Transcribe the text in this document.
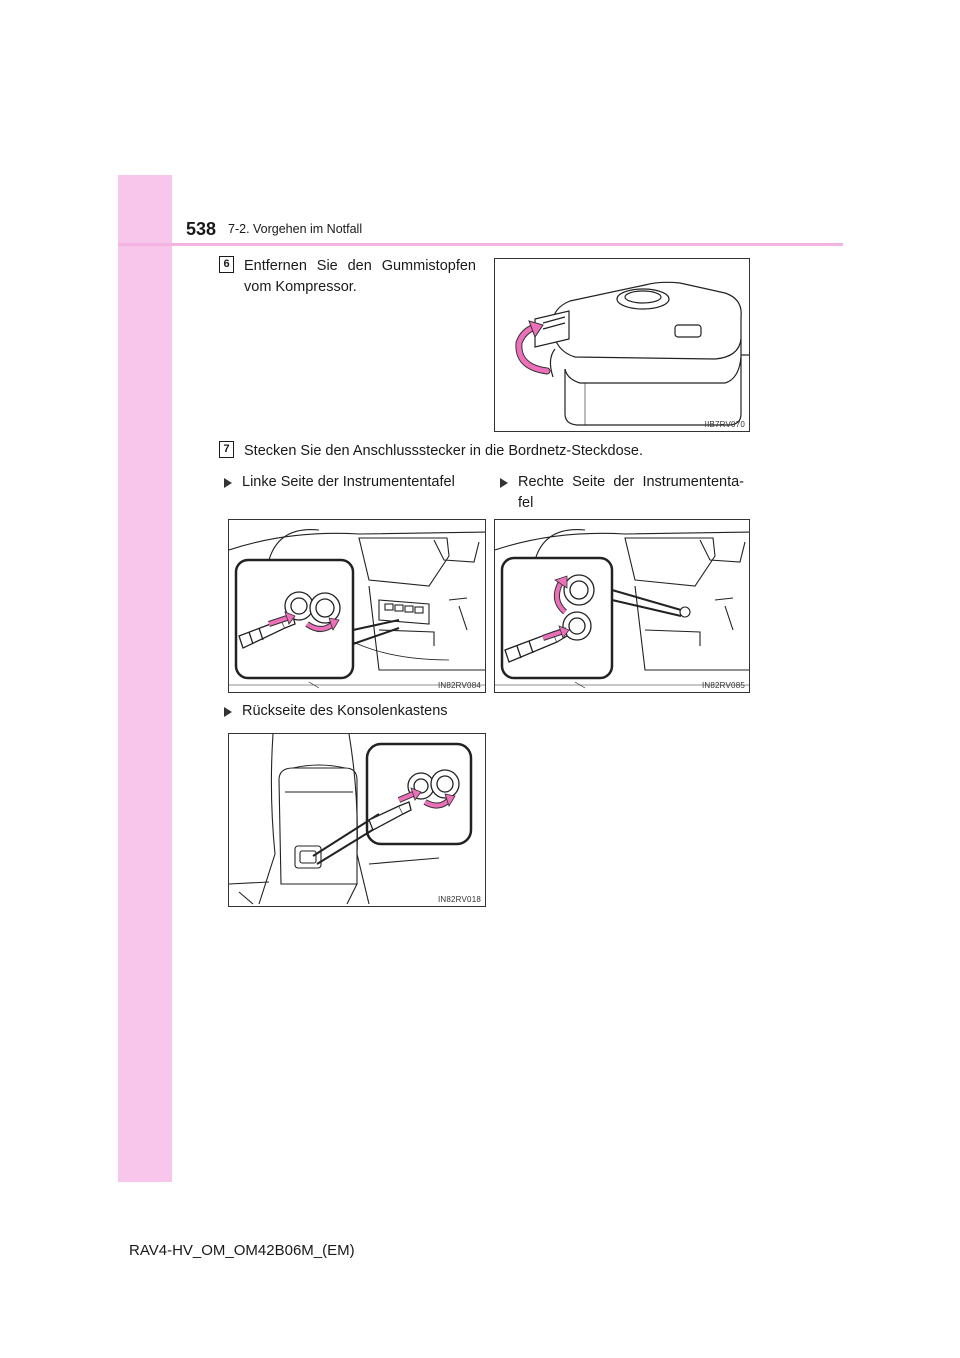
538 7-2. Vorgehen im Notfall
6 Entfernen Sie den Gummistopfen vom Kompressor.
IIB7RV070
7 Stecken Sie den Anschlussstecker in die Bordnetz-Steckdose.
Linke Seite der Instrumententafel	Rechte Seite der Instrumententa-fel
IN82RV084	IN82RV085
Rückseite des Konsolenkastens
IN82RV018
RAV4-HV_OM_OM42B06M_(EM)
